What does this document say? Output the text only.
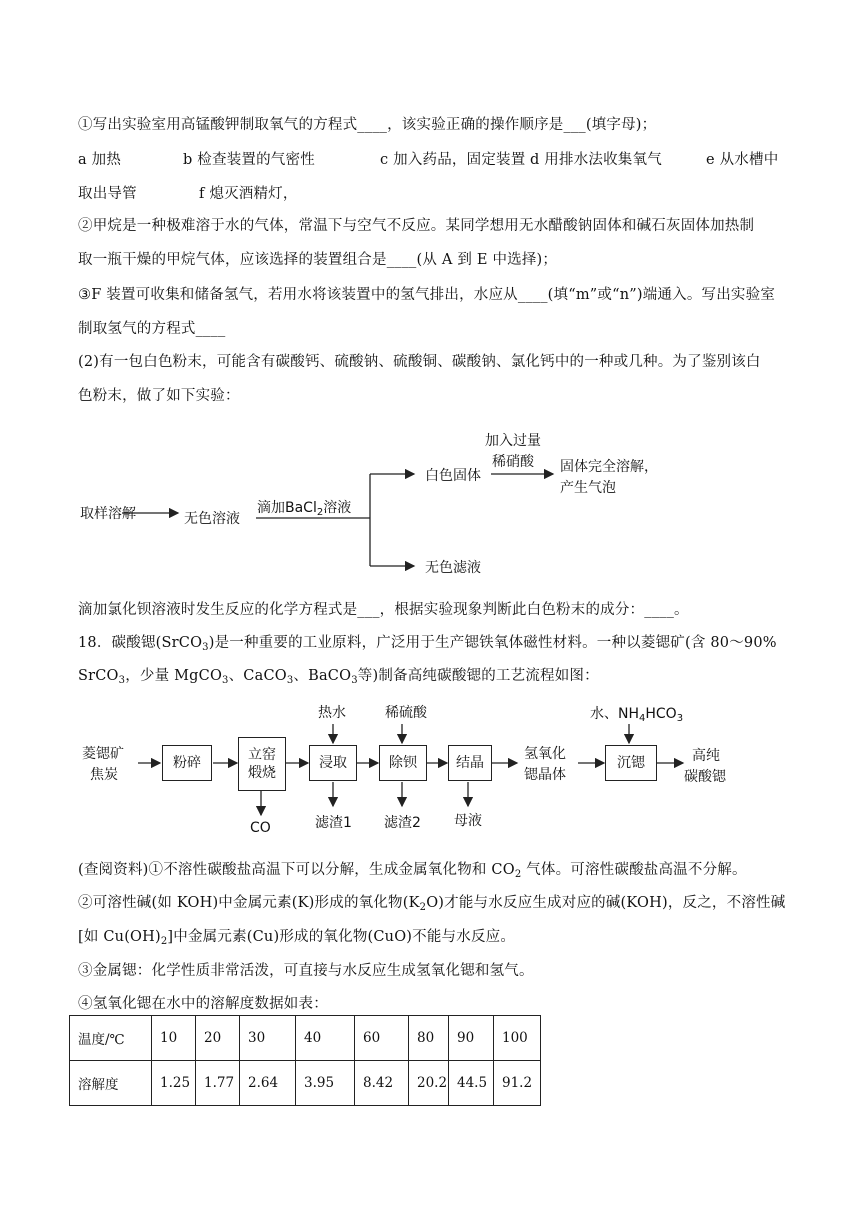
①写出实验室用高锰酸钾制取氧气的方程式____，该实验正确的操作顺序是___(填字母)；
a 加热	b 检查装置的气密性	c 加入药品，固定装置 d 用排水法收集氧气	e 从水槽中
取出导管	f 熄灭酒精灯，
②甲烷是一种极难溶于水的气体，常温下与空气不反应。某同学想用无水醋酸钠固体和碱石灰固体加热制
取一瓶干燥的甲烷气体，应该选择的装置组合是____(从 A 到 E 中选择)；
③F 装置可收集和储备氢气，若用水将该装置中的氢气排出，水应从____(填“m”或“n”)端通入。写出实验室
制取氢气的方程式____
(2)有一包白色粉末，可能含有碳酸钙、硫酸钠、硫酸铜、碳酸钠、氯化钙中的一种或几种。为了鉴别该白
色粉末，做了如下实验：
取样溶解	无色溶液
滴加BaCl$_2$溶液
白色固体
加入过量
稀硝酸 固体完全溶解，
产生气泡
无色滤液
滴加氯化钡溶液时发生反应的化学方程式是___，根据实验现象判断此白色粉末的成分：____。
18．碳酸锶(SrCO$_3$)是一种重要的工业原料，广泛用于生产锶铁氧体磁性材料。一种以菱锶矿(含 80～90%
SrCO$_3$，少量 MgCO$_3$、CaCO$_3$、BaCO$_3$等)制备高纯碳酸锶的工艺流程如图：
菱锶矿
焦炭
粉碎	立窑
煅烧
CO
热水
浸取
滤渣1
稀硫酸
除钡
滤渣2
结晶
母液
氢氧化
锶晶体
水、$NH_4HCO_3$
沉锶	高纯
碳酸锶
(查阅资料)①不溶性碳酸盐高温下可以分解，生成金属氧化物和 $CO_2$ 气体。可溶性碳酸盐高温不分解。
②可溶性碱(如 KOH)中金属元素(K)形成的氧化物$(K_2O)$才能与水反应生成对应的碱(KOH)，反之，不溶性碱
[如 $Cu(OH)_2$]中金属元素(Cu)形成的氧化物(CuO)不能与水反应。
③金属锶：化学性质非常活泼，可直接与水反应生成氢氧化锶和氢气。
④氢氧化锶在水中的溶解度数据如表：
温度/℃	10	20	30	40	60	80	90	100
溶解度	1.25	1.77	2.64	3.95	8.42	20.2	44.5	91.2
